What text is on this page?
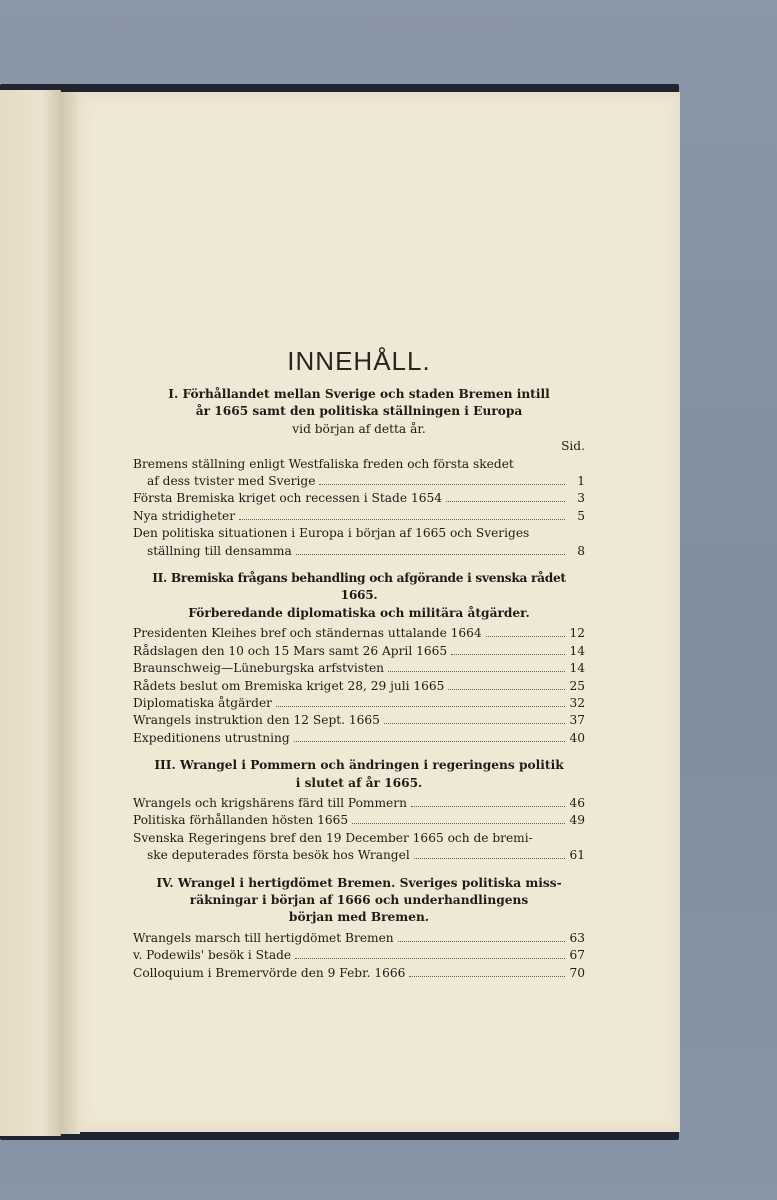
INNEHÅLL.

I. Förhållandet mellan Sverige och staden Bremen intill

år 1665 samt den politiska ställningen i Europa

vid början af detta år.

Sid.

Bremens ställning enligt Westfaliska freden och första skedet

af dess tvister med Sverige	1

Första Bremiska kriget och recessen i Stade 1654	3

Nya stridigheter	5

Den politiska situationen i Europa i början af 1665 och Sveriges

ställning till densamma	8

II. Bremiska frågans behandling och afgörande i svenska rådet 1665.

Förberedande diplomatiska och militära åtgärder.

Presidenten Kleihes bref och ständernas uttalande 1664	12

Rådslagen den 10 och 15 Mars samt 26 April 1665	14

Braunschweig—Lüneburgska arfstvisten	14

Rådets beslut om Bremiska kriget 28, 29 juli 1665	25

Diplomatiska åtgärder	32

Wrangels instruktion den 12 Sept. 1665	37

Expeditionens utrustning	40

III. Wrangel i Pommern och ändringen i regeringens politik

i slutet af år 1665.

Wrangels och krigshärens färd till Pommern	46

Politiska förhållanden hösten 1665	49

Svenska Regeringens bref den 19 December 1665 och de bremi-

ske deputerades första besök hos Wrangel	61

IV. Wrangel i hertigdömet Bremen. Sveriges politiska miss-

räkningar i början af 1666 och underhandlingens

början med Bremen.

Wrangels marsch till hertigdömet Bremen	63

v. Podewils' besök i Stade	67

Colloquium i Bremervörde den 9 Febr. 1666	70
